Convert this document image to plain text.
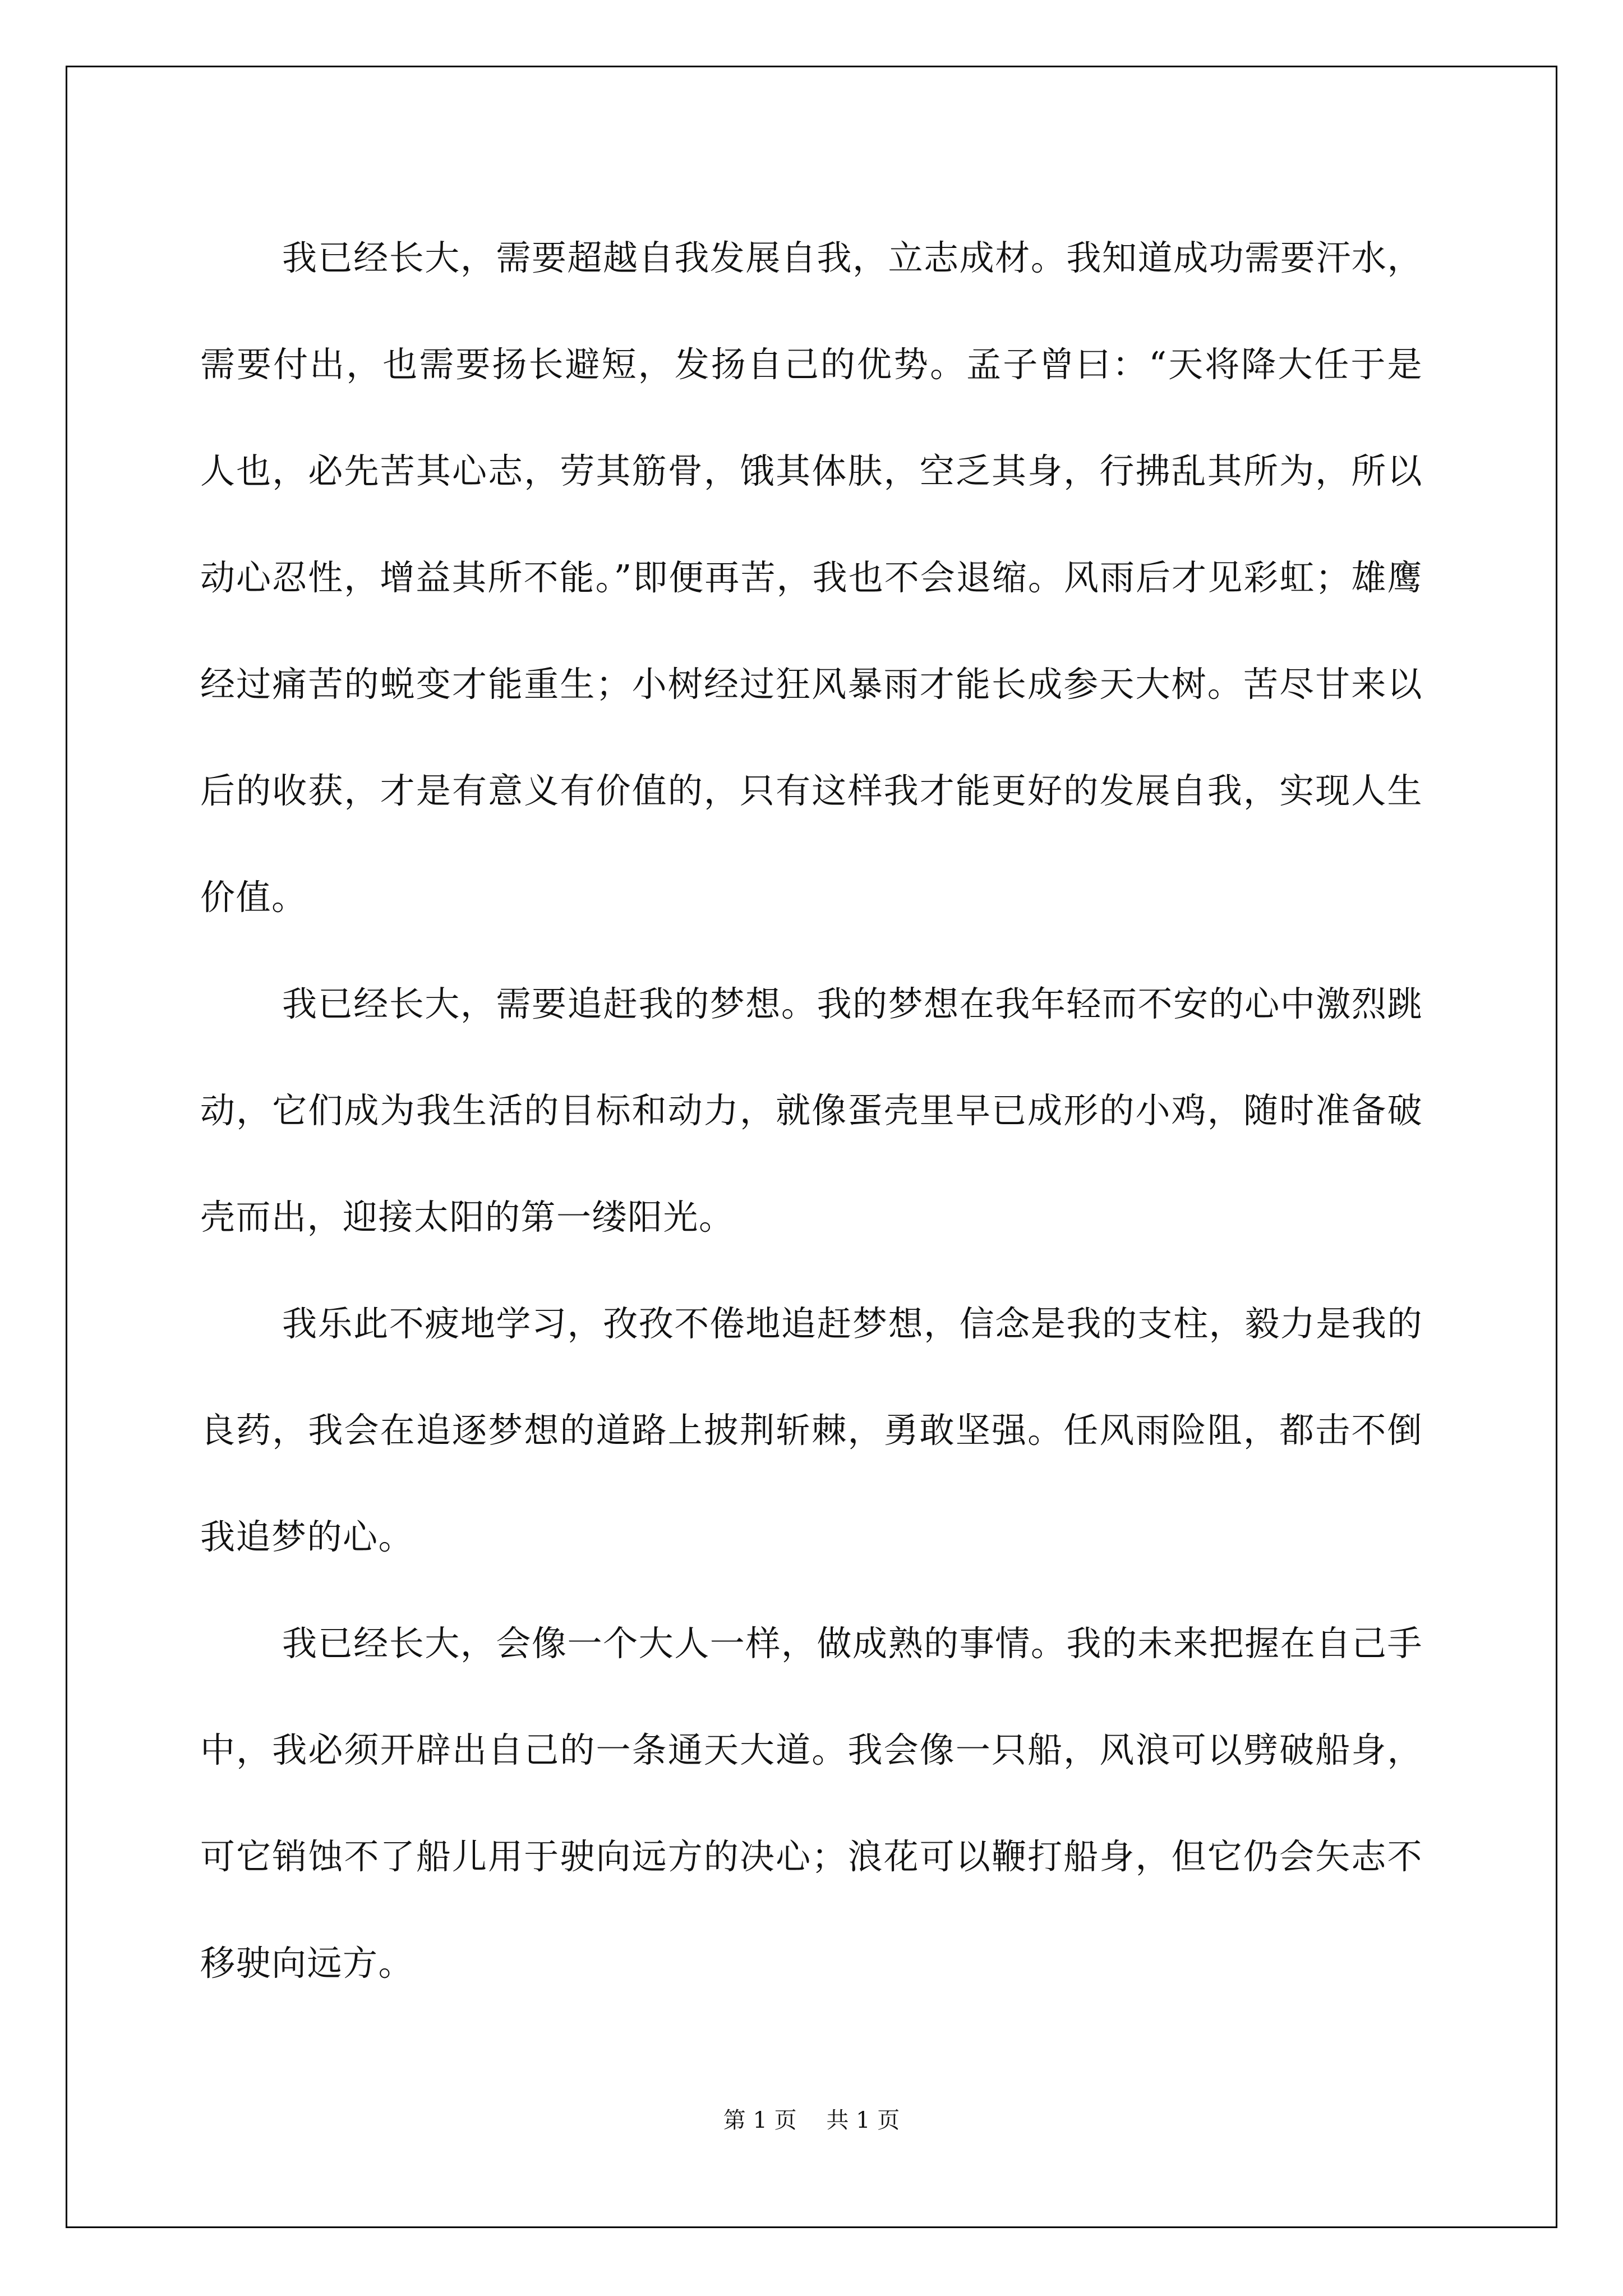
我已经长大，需要超越自我发展自我，立志成材。我知道成功需要汗水，需要付出，也需要扬长避短，发扬自己的优势。孟子曾曰：“天将降大任于是人也，必先苦其心志，劳其筋骨，饿其体肤，空乏其身，行拂乱其所为，所以动心忍性，增益其所不能。”即便再苦，我也不会退缩。风雨后才见彩虹；雄鹰经过痛苦的蜕变才能重生；小树经过狂风暴雨才能长成参天大树。苦尽甘来以后的收获，才是有意义有价值的，只有这样我才能更好的发展自我，实现人生价值。

我已经长大，需要追赶我的梦想。我的梦想在我年轻而不安的心中激烈跳动，它们成为我生活的目标和动力，就像蛋壳里早已成形的小鸡，随时准备破壳而出，迎接太阳的第一缕阳光。

我乐此不疲地学习，孜孜不倦地追赶梦想，信念是我的支柱，毅力是我的良药，我会在追逐梦想的道路上披荆斩棘，勇敢坚强。任风雨险阻，都击不倒我追梦的心。

我已经长大，会像一个大人一样，做成熟的事情。我的未来把握在自己手中，我必须开辟出自己的一条通天大道。我会像一只船，风浪可以劈破船身，可它销蚀不了船儿用于驶向远方的决心；浪花可以鞭打船身，但它仍会矢志不移驶向远方。

第 1 页 共 1 页
